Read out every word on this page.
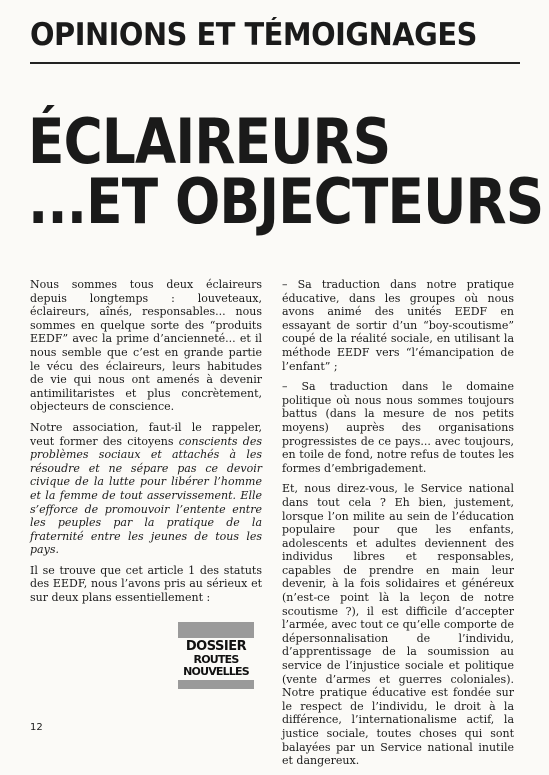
OPINIONS ET TÉMOIGNAGES
ÉCLAIREURS
...ET OBJECTEURS

Nous sommes tous deux éclaireurs depuis longtemps : louveteaux, éclaireurs, aînés, responsables... nous sommes en quelque sorte des “produits EEDF” avec la prime d’ancienneté... et il nous semble que c’est en grande partie le vécu des éclaireurs, leurs habitudes de vie qui nous ont amenés à devenir antimilitaristes et plus concrètement, objecteurs de conscience.

Notre association, faut-il le rappeler, veut former des citoyens conscients des problèmes sociaux et attachés à les résoudre et ne sépare pas ce devoir civique de la lutte pour libérer l’homme et la femme de tout asservissement. Elle s’efforce de promouvoir l’entente entre les peuples par la pratique de la fraternité entre les jeunes de tous les pays.

Il se trouve que cet article 1 des statuts des EEDF, nous l’avons pris au sérieux et sur deux plans essentiellement :

– Sa traduction dans notre pratique éducative, dans les groupes où nous avons animé des unités EEDF en essayant de sortir d’un “boy-scoutisme” coupé de la réalité sociale, en utilisant la méthode EEDF vers “l’émancipation de l’enfant” ;

– Sa traduction dans le domaine politique où nous nous sommes toujours battus (dans la mesure de nos petits moyens) auprès des organisations progressistes de ce pays... avec toujours, en toile de fond, notre refus de toutes les formes d’embrigadement.

Et, nous direz-vous, le Service national dans tout cela ? Eh bien, justement, lorsque l’on milite au sein de l’éducation populaire pour que les enfants, adolescents et adultes deviennent des individus libres et responsables, capables de prendre en main leur devenir, à la fois solidaires et généreux (n’est-ce point là la leçon de notre scoutisme ?), il est difficile d’accepter l’armée, avec tout ce qu’elle comporte de dépersonnalisation de l’individu, d’apprentissage de la soumission au service de l’injustice sociale et politique (vente d’armes et guerres coloniales). Notre pratique éducative est fondée sur le respect de l’individu, le droit à la différence, l’internationalisme actif, la justice sociale, toutes choses qui sont balayées par un Service national inutile et dangereux.

DOSSIER
ROUTES
NOUVELLES
12
